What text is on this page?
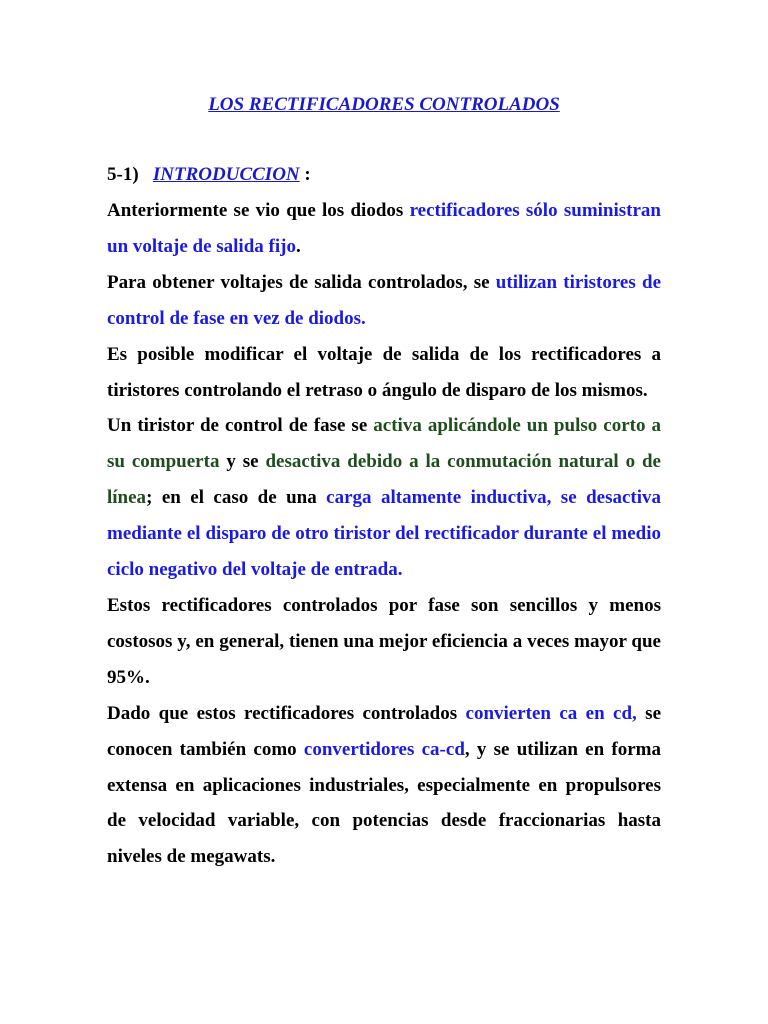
LOS RECTIFICADORES CONTROLADOS
5-1) INTRODUCCION :

Anteriormente se vio que los diodos rectificadores sólo suministran un voltaje de salida fijo.

Para obtener voltajes de salida controlados, se utilizan tiristores de control de fase en vez de diodos.

Es posible modificar el voltaje de salida de los rectificadores a tiristores controlando el retraso o ángulo de disparo de los mismos.

Un tiristor de control de fase se activa aplicándole un pulso corto a su compuerta y se desactiva debido a la conmutación natural o de línea; en el caso de una carga altamente inductiva, se desactiva mediante el disparo de otro tiristor del rectificador durante el medio ciclo negativo del voltaje de entrada.

Estos rectificadores controlados por fase son sencillos y menos costosos y, en general, tienen una mejor eficiencia a veces mayor que 95%.

Dado que estos rectificadores controlados convierten ca en cd, se conocen también como convertidores ca-cd, y se utilizan en forma extensa en aplicaciones industriales, especialmente en propulsores de velocidad variable, con potencias desde fraccionarias hasta niveles de megawats.
